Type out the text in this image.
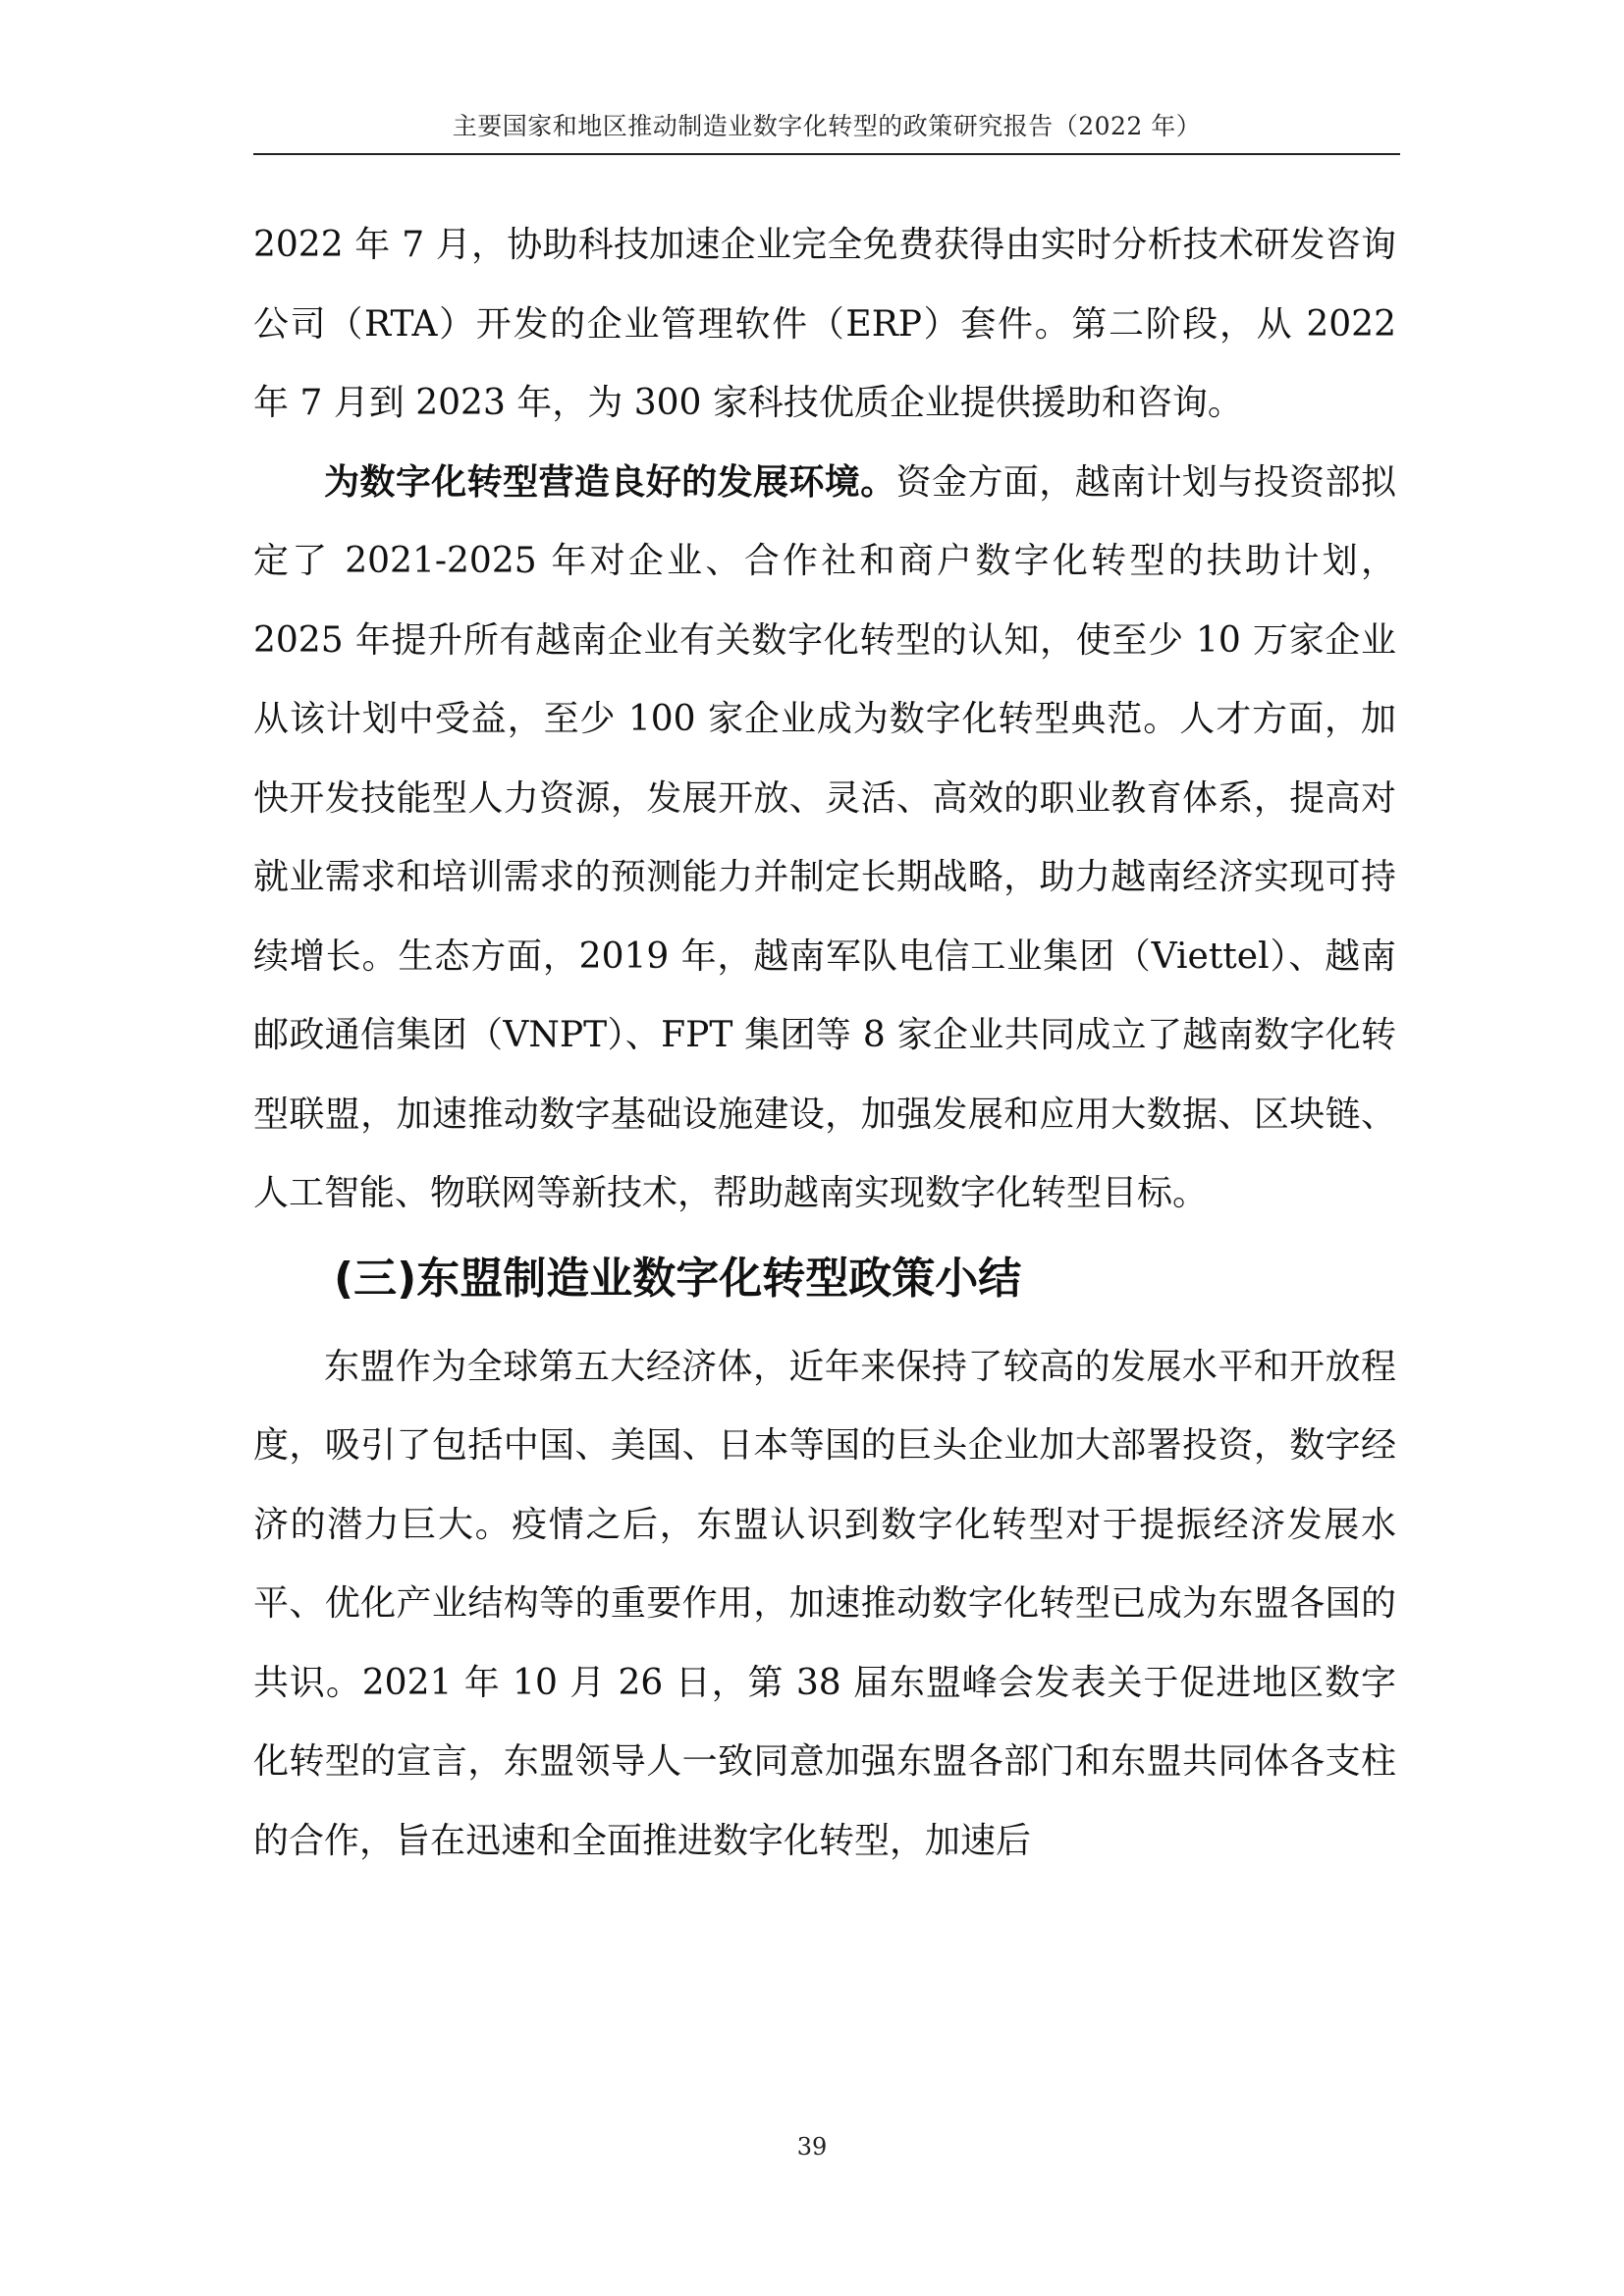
主要国家和地区推动制造业数字化转型的政策研究报告（2022 年）

2022 年 7 月，协助科技加速企业完全免费获得由实时分析技术研发咨询公司（RTA）开发的企业管理软件（ERP）套件。第二阶段，从 2022 年 7 月到 2023 年，为 300 家科技优质企业提供援助和咨询。

为数字化转型营造良好的发展环境。资金方面，越南计划与投资部拟定了 2021-2025 年对企业、合作社和商户数字化转型的扶助计划，2025 年提升所有越南企业有关数字化转型的认知，使至少 10 万家企业从该计划中受益，至少 100 家企业成为数字化转型典范。人才方面，加快开发技能型人力资源，发展开放、灵活、高效的职业教育体系，提高对就业需求和培训需求的预测能力并制定长期战略，助力越南经济实现可持续增长。生态方面，2019 年，越南军队电信工业集团（Viettel）、越南邮政通信集团（VNPT）、FPT 集团等 8 家企业共同成立了越南数字化转型联盟，加速推动数字基础设施建设，加强发展和应用大数据、区块链、人工智能、物联网等新技术，帮助越南实现数字化转型目标。

(三)东盟制造业数字化转型政策小结

东盟作为全球第五大经济体，近年来保持了较高的发展水平和开放程度，吸引了包括中国、美国、日本等国的巨头企业加大部署投资，数字经济的潜力巨大。疫情之后，东盟认识到数字化转型对于提振经济发展水平、优化产业结构等的重要作用，加速推动数字化转型已成为东盟各国的共识。2021 年 10 月 26 日，第 38 届东盟峰会发表关于促进地区数字化转型的宣言，东盟领导人一致同意加强东盟各部门和东盟共同体各支柱的合作，旨在迅速和全面推进数字化转型，加速后

39
